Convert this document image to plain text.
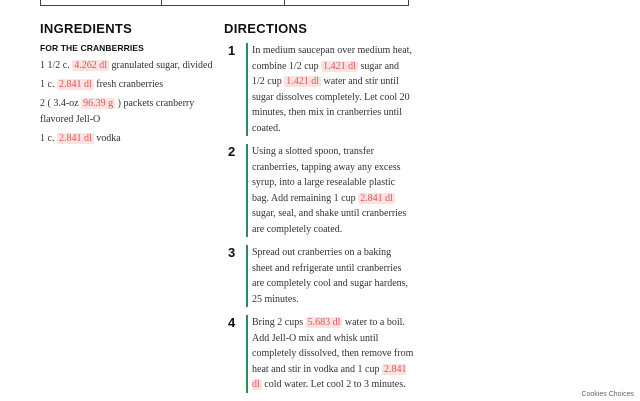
INGREDIENTS
FOR THE CRANBERRIES
1 1/2 c. 4.262 dl granulated sugar, divided
1 c. 2.841 dl fresh cranberries
2 ( 3.4-oz 96.39 g ) packets cranberry flavored Jell-O
1 c. 2.841 dl vodka
DIRECTIONS
1	In medium saucepan over medium heat, combine 1/2 cup 1.421 dl sugar and 1/2 cup 1.421 dl water and stir until sugar dissolves completely. Let cool 20 minutes, then mix in cranberries until coated.
2	Using a slotted spoon, transfer cranberries, tapping away any excess syrup, into a large resealable plastic bag. Add remaining 1 cup 2.841 dl sugar, seal, and shake until cranberries are completely coated.
3	Spread out cranberries on a baking sheet and refrigerate until cranberries are completely cool and sugar hardens, 25 minutes.
4	Bring 2 cups 5.683 dl water to a boil. Add Jell-O mix and whisk until completely dissolved, then remove from heat and stir in vodka and 1 cup 2.841 dl cold water. Let cool 2 to 3 minutes.
Cookies Choices
